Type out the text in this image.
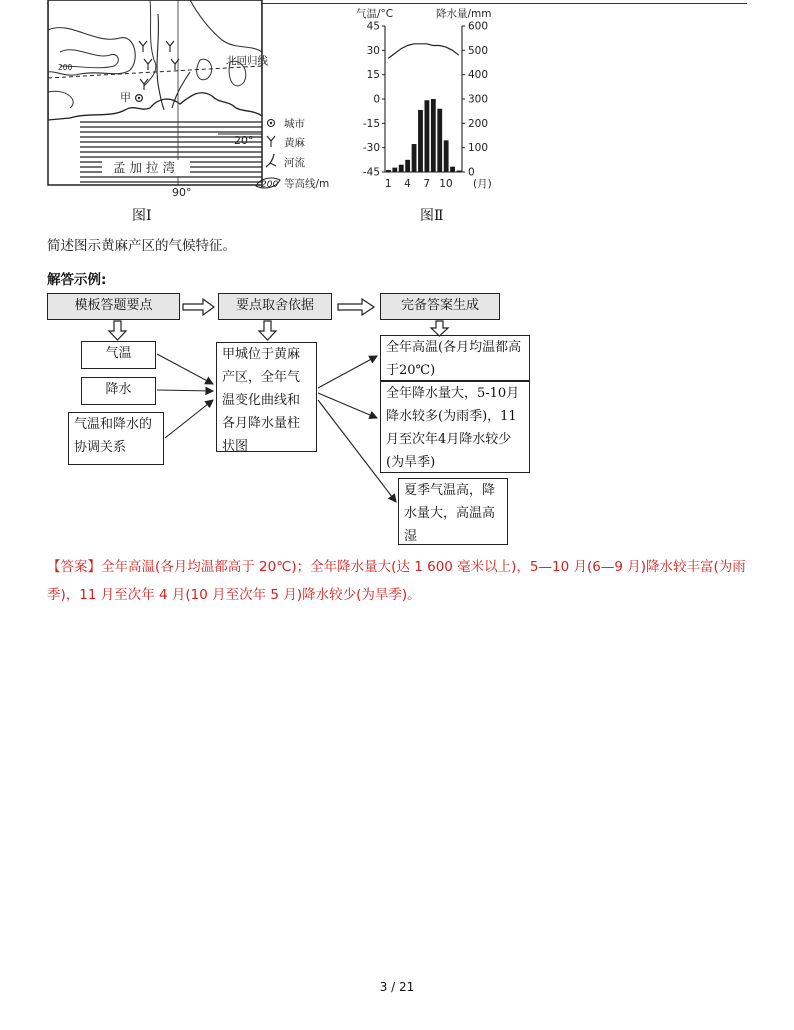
200
甲
孟加拉湾
北回归线
20°
90°
城市
黄麻
河流
200 等高线/m
气温/°C	降水量/mm
45
30
15
0
-15
-30
-45
600
500
400
300
200
100
0
1 4 7 10 (月)
图Ⅰ	图Ⅱ
简述图示黄麻产区的气候特征。
解答示例:
模板答题要点	要点取舍依据	完备答案生成
气温
降水
气温和降水的协调关系
甲城位于黄麻产区，全年气温变化曲线和各月降水量柱状图
全年高温(各月均温都高于20℃)
全年降水量大，5-10月降水较多(为雨季)，11月至次年4月降水较少(为旱季)
夏季气温高，降水量大，高温高湿
【答案】全年高温(各月均温都高于 20℃)；全年降水量大(达 1 600 毫米以上)，5—10 月(6—9 月)降水较丰富(为雨季)，11 月至次年 4 月(10 月至次年 5 月)降水较少(为旱季)。
3 / 21
